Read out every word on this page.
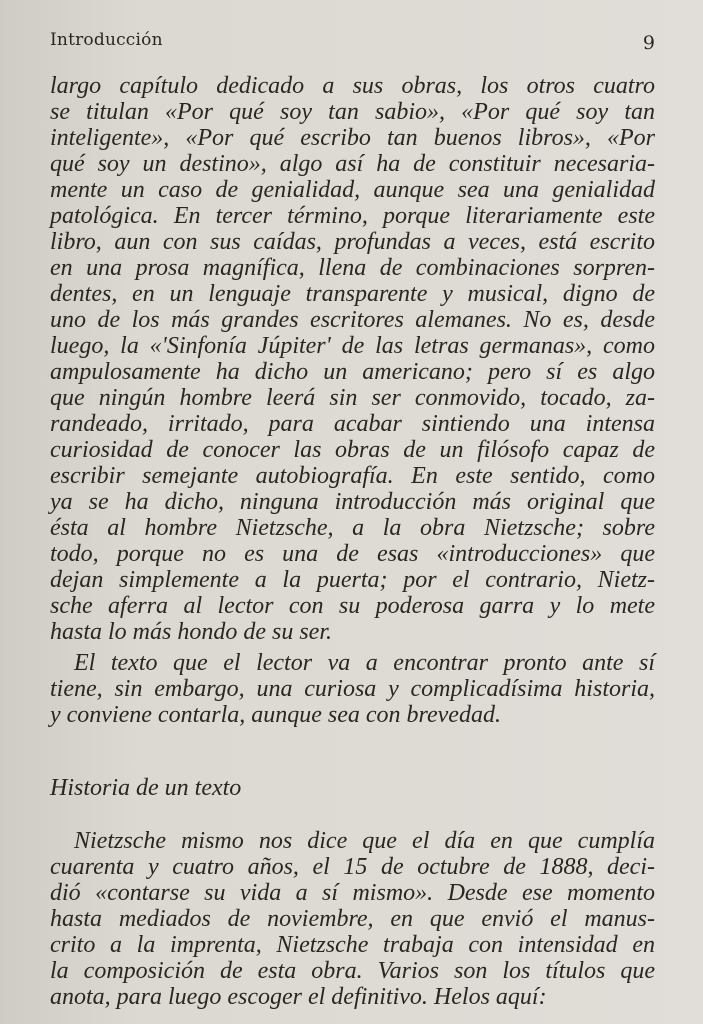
Introducción	9
largo capítulo dedicado a sus obras, los otros cuatro
se titulan «Por qué soy tan sabio», «Por qué soy tan
inteligente», «Por qué escribo tan buenos libros», «Por
qué soy un destino», algo así ha de constituir necesaria-
mente un caso de genialidad, aunque sea una genialidad
patológica. En tercer término, porque literariamente este
libro, aun con sus caídas, profundas a veces, está escrito
en una prosa magnífica, llena de combinaciones sorpren-
dentes, en un lenguaje transparente y musical, digno de
uno de los más grandes escritores alemanes. No es, desde
luego, la «'Sinfonía Júpiter' de las letras germanas», como
ampulosamente ha dicho un americano; pero sí es algo
que ningún hombre leerá sin ser conmovido, tocado, za-
randeado, irritado, para acabar sintiendo una intensa
curiosidad de conocer las obras de un filósofo capaz de
escribir semejante autobiografía. En este sentido, como
ya se ha dicho, ninguna introducción más original que
ésta al hombre Nietzsche, a la obra Nietzsche; sobre
todo, porque no es una de esas «introducciones» que
dejan simplemente a la puerta; por el contrario, Nietz-
sche aferra al lector con su poderosa garra y lo mete
hasta lo más hondo de su ser.
El texto que el lector va a encontrar pronto ante sí
tiene, sin embargo, una curiosa y complicadísima historia,
y conviene contarla, aunque sea con brevedad.
Historia de un texto
Nietzsche mismo nos dice que el día en que cumplía
cuarenta y cuatro años, el 15 de octubre de 1888, deci-
dió «contarse su vida a sí mismo». Desde ese momento
hasta mediados de noviembre, en que envió el manus-
crito a la imprenta, Nietzsche trabaja con intensidad en
la composición de esta obra. Varios son los títulos que
anota, para luego escoger el definitivo. Helos aquí:
